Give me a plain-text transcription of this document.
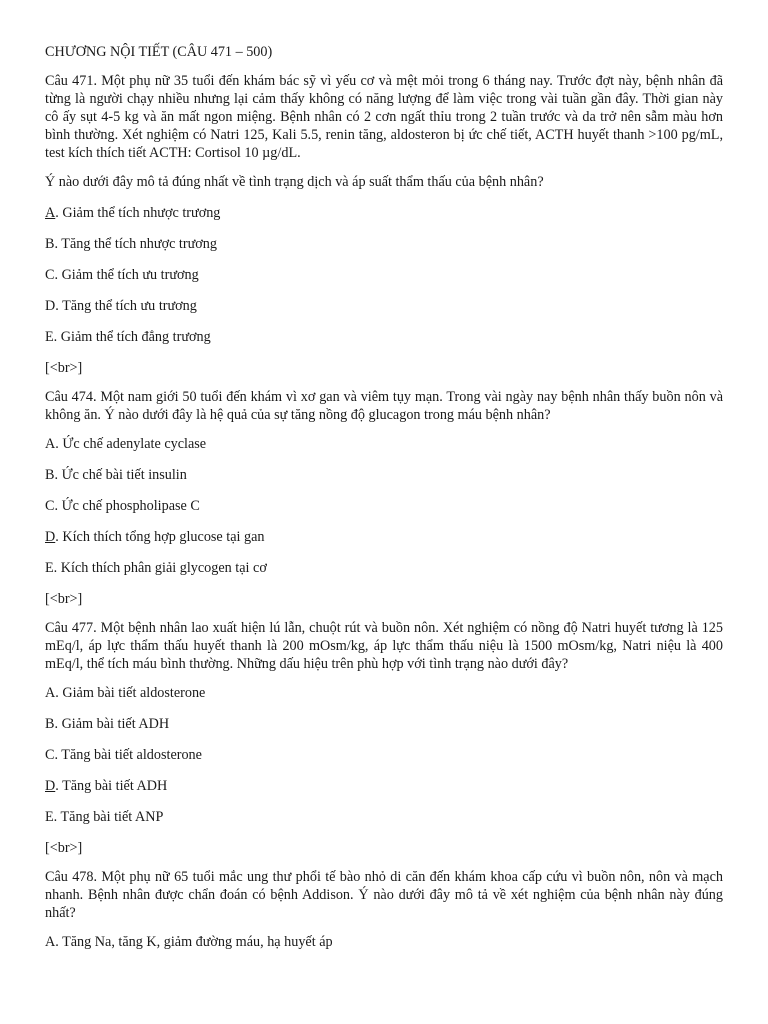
CHƯƠNG NỘI TIẾT (CÂU 471 – 500)

Câu 471. Một phụ nữ 35 tuổi đến khám bác sỹ vì yếu cơ và mệt mỏi trong 6 tháng nay. Trước đợt này, bệnh nhân đã từng là người chạy nhiều nhưng lại cảm thấy không có năng lượng để làm việc trong vài tuần gần đây. Thời gian này cô ấy sụt 4-5 kg và ăn mất ngon miệng. Bệnh nhân có 2 cơn ngất thỉu trong 2 tuần trước và da trở nên sẫm màu hơn bình thường. Xét nghiệm có Natri 125, Kali 5.5, renin tăng, aldosteron bị ức chế tiết, ACTH huyết thanh >100 pg/mL, test kích thích tiết ACTH: Cortisol 10 µg/dL.

Ý nào dưới đây mô tả đúng nhất về tình trạng dịch và áp suất thẩm thấu của bệnh nhân?

A. Giảm thể tích nhược trương

B. Tăng thể tích nhược trương

C. Giảm thể tích ưu trương

D. Tăng thể tích ưu trương

E. Giảm thể tích đẳng trương

[<br>]

Câu 474. Một nam giới 50 tuổi đến khám vì xơ gan và viêm tụy mạn. Trong vài ngày nay bệnh nhân thấy buồn nôn và không ăn. Ý nào dưới đây là hệ quả của sự tăng nồng độ glucagon trong máu bệnh nhân?

A. Ức chế adenylate cyclase

B. Ức chế bài tiết insulin

C. Ức chế phospholipase C

D. Kích thích tổng hợp glucose tại gan

E. Kích thích phân giải glycogen tại cơ

[<br>]

Câu 477. Một bệnh nhân lao xuất hiện lú lẫn, chuột rút và buồn nôn. Xét nghiệm có nồng độ Natri huyết tương là 125 mEq/l, áp lực thẩm thấu huyết thanh là 200 mOsm/kg, áp lực thẩm thấu niệu là 1500 mOsm/kg, Natri niệu là 400 mEq/l, thể tích máu bình thường. Những dấu hiệu trên phù hợp với tình trạng nào dưới đây?

A. Giảm bài tiết aldosterone

B. Giảm bài tiết ADH

C. Tăng bài tiết aldosterone

D. Tăng bài tiết ADH

E. Tăng bài tiết ANP

[<br>]

Câu 478. Một phụ nữ 65 tuổi mắc ung thư phổi tế bào nhỏ di căn đến khám khoa cấp cứu vì buồn nôn, nôn và mạch nhanh. Bệnh nhân được chẩn đoán có bệnh Addison. Ý nào dưới đây mô tả về xét nghiệm của bệnh nhân này đúng nhất?

A. Tăng Na, tăng K, giảm đường máu, hạ huyết áp
